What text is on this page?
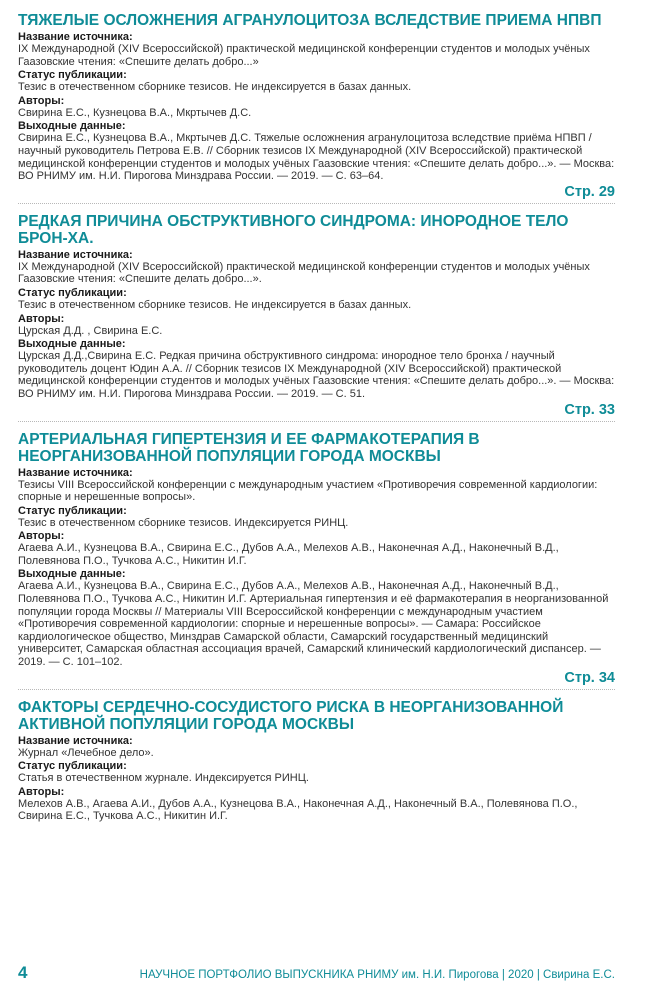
ТЯЖЕЛЫЕ ОСЛОЖНЕНИЯ АГРАНУЛОЦИТОЗА ВСЛЕДСТВИЕ ПРИЕМА НПВП
Название источника:
IX Международной (XIV Всероссийской) практической медицинской конференции студентов и молодых учёных Гаазовские чтения: «Спешите делать добро...»
Статус публикации:
Тезис в отечественном сборнике тезисов. Не индексируется в базах данных.
Авторы:
Свирина Е.С., Кузнецова В.А., Мкртычев Д.С.
Выходные данные:
Свирина Е.С., Кузнецова В.А., Мкртычев Д.С. Тяжелые осложнения агранулоцитоза вследствие приёма НПВП / научный руководитель Петрова Е.В. // Сборник тезисов IX Международной (XIV Всероссийской) практической медицинской конференции студентов и молодых учёных Гаазовские чтения: «Спешите делать добро...». — Москва: ВО РНИМУ им. Н.И. Пирогова Минздрава России. — 2019. — С. 63–64.
Стр. 29
РЕДКАЯ ПРИЧИНА ОБСТРУКТИВНОГО СИНДРОМА: ИНОРОДНОЕ ТЕЛО БРОН-ХА.
Название источника:
IX Международной (XIV Всероссийской) практической медицинской конференции студентов и молодых учёных Гаазовские чтения: «Спешите делать добро...».
Статус публикации:
Тезис в отечественном сборнике тезисов. Не индексируется в базах данных.
Авторы:
Цурская Д.Д. , Свирина Е.С.
Выходные данные:
Цурская Д.Д.,Свирина Е.С. Редкая причина обструктивного синдрома: инородное тело бронха / научный руководитель доцент Юдин А.А. // Сборник тезисов IX Международной (XIV Всероссийской) практической медицинской конференции студентов и молодых учёных Гаазовские чтения: «Спешите делать добро...». — Москва: ВО РНИМУ им. Н.И. Пирогова Минздрава России. — 2019. — С. 51.
Стр. 33
АРТЕРИАЛЬНАЯ ГИПЕРТЕНЗИЯ И ЕЕ ФАРМАКОТЕРАПИЯ В НЕОРГАНИЗОВАННОЙ ПОПУЛЯЦИИ ГОРОДА МОСКВЫ
Название источника:
Тезисы VIII Всероссийской конференции с международным участием «Противоречия современной кардиологии: спорные и нерешенные вопросы».
Статус публикации:
Тезис в отечественном сборнике тезисов. Индексируется РИНЦ.
Авторы:
Агаева А.И., Кузнецова В.А., Свирина Е.С., Дубов А.А., Мелехов А.В., Наконечная А.Д., Наконечный В.Д., Полевянова П.О., Тучкова А.С., Никитин И.Г.
Выходные данные:
Агаева А.И., Кузнецова В.А., Свирина Е.С., Дубов А.А., Мелехов А.В., Наконечная А.Д., Наконечный В.Д., Полевянова П.О., Тучкова А.С., Никитин И.Г. Артериальная гипертензия и её фармакотерапия в неорганизованной популяции города Москвы // Материалы VIII Всероссийской конференции с международным участием «Противоречия современной кардиологии: спорные и нерешенные вопросы». — Самара: Российское кардиологическое общество, Минздрав Самарской области, Самарский государственный медицинский университет, Самарская областная ассоциация врачей, Самарский клинический кардиологический диспансер. — 2019. — С. 101–102.
Стр. 34
ФАКТОРЫ СЕРДЕЧНО-СОСУДИСТОГО РИСКА В НЕОРГАНИЗОВАННОЙ АКТИВНОЙ ПОПУЛЯЦИИ ГОРОДА МОСКВЫ
Название источника:
Журнал «Лечебное дело».
Статус публикации:
Статья в отечественном журнале. Индексируется РИНЦ.
Авторы:
Мелехов А.В., Агаева А.И., Дубов А.А., Кузнецова В.А., Наконечная А.Д., Наконечный В.А., Полевянова П.О., Свирина Е.С., Тучкова А.С., Никитин И.Г.
4	НАУЧНОЕ ПОРТФОЛИО ВЫПУСКНИКА РНИМУ им. Н.И. Пирогова | 2020 | Свирина Е.С.
